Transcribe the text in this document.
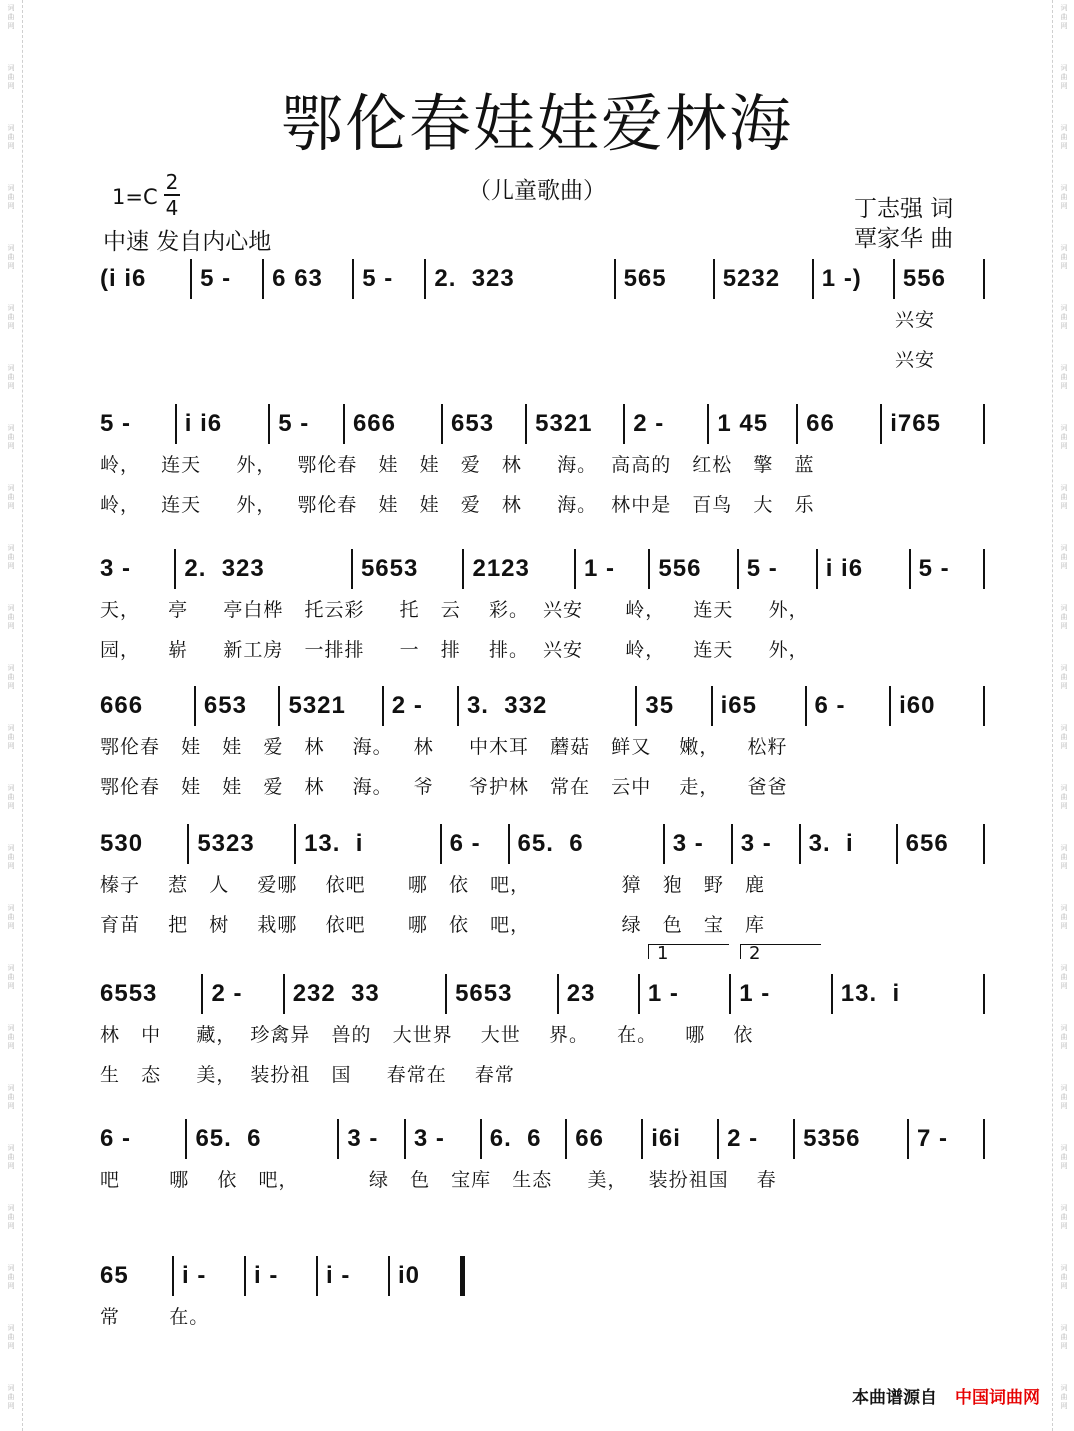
词
曲
网
词
曲
网
词
曲
网
词
曲
网
词
曲
网
词
曲
网
词
曲
网
词
曲
网
词
曲
网
词
曲
网
词
曲
网
词
曲
网
词
曲
网
词
曲
网
词
曲
网
词
曲
网
词
曲
网
词
曲
网
词
曲
网
词
曲
网
词
曲
网
词
曲
网
词
曲
网
词
曲
网
词
曲
网
词
曲
网
词
曲
网
词
曲
网
词
曲
网
词
曲
网
词
曲
网
词
曲
网
词
曲
网
词
曲
网
词
曲
网
词
曲
网
词
曲
网
词
曲
网
词
曲
网
词
曲
网
词
曲
网
词
曲
网
词
曲
网
词
曲
网
词
曲
网
词
曲
网
词
曲
网
词
曲
网
鄂伦春娃娃爱林海
（儿童歌曲）
1=C
2
4
中速 发自内心地
丁志强 词
覃家华 曲
(i i6 5 - 6 63 5 - 2.  323	565 5232 1 -) 556
兴安
兴安
5 - i i6 5 - 666 653 5321 2 - 1 45 66 i765
岭，   连天     外，   鄂伦春   娃   娃   爱   林     海。  高高的   红松   擎   蓝
岭，   连天     外，   鄂伦春   娃   娃   爱   林     海。  林中是   百鸟   大   乐
3 - 2.  323	5653 2123 1 - 556 5 - i i6 5 -
天，    亭     亭白桦   托云彩     托   云    彩。  兴安      岭，    连天     外，
园，    崭     新工房   一排排     一   排    排。  兴安      岭，    连天     外，
666	653 5321 2 - 3.  332	35 i65 6 - i60
鄂伦春   娃   娃   爱   林    海。   林     中木耳   蘑菇   鲜又    嫩，    松籽
鄂伦春   娃   娃   爱   林    海。   爷     爷护林   常在   云中    走，    爸爸
530 5323 13.  i	6 - 65.  6	3 - 3 - 3.  i 656
榛子    惹   人    爱哪    依吧      哪   依   吧，             獐   狍   野   鹿
育苗    把   树    栽哪    依吧      哪   依   吧，             绿   色   宝   库
6553 2 - 232  33	5653 23 1 -	1 -	13.  i
1	2
林   中     藏，  珍禽异   兽的   大世界    大世    界。    在。    哪    依
生   态     美，  装扮祖   国     春常在    春常
6 -	65.  6	3 - 3 - 6.  6 66 i6i 2 - 5356 7 -
吧       哪    依   吧，          绿   色   宝库   生态     美，   装扮祖国    春
65 i - i - i - i0
常       在。
本曲谱源自 中国词曲网
